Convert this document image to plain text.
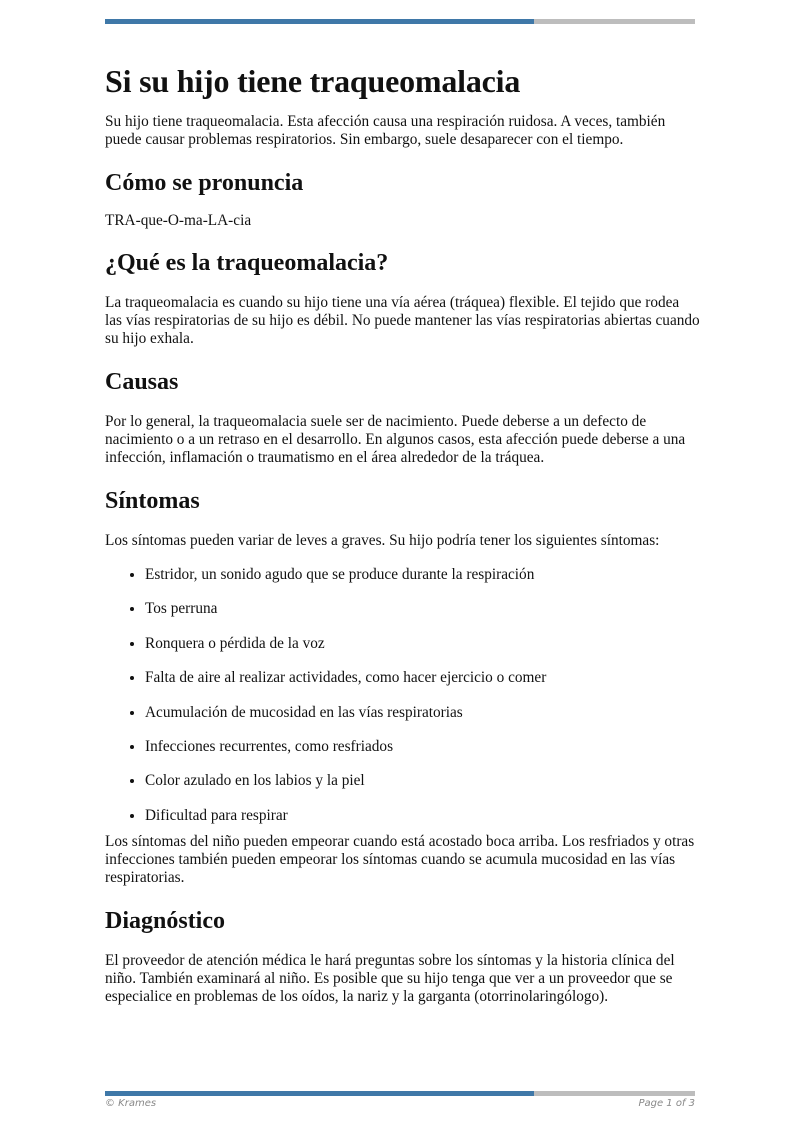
Si su hijo tiene traqueomalacia

Su hijo tiene traqueomalacia. Esta afección causa una respiración ruidosa. A veces, también puede causar problemas respiratorios. Sin embargo, suele desaparecer con el tiempo.

Cómo se pronuncia

TRA-que-O-ma-LA-cia

¿Qué es la traqueomalacia?

La traqueomalacia es cuando su hijo tiene una vía aérea (tráquea) flexible. El tejido que rodea las vías respiratorias de su hijo es débil. No puede mantener las vías respiratorias abiertas cuando su hijo exhala.

Causas

Por lo general, la traqueomalacia suele ser de nacimiento. Puede deberse a un defecto de nacimiento o a un retraso en el desarrollo. En algunos casos, esta afección puede deberse a una infección, inflamación o traumatismo en el área alrededor de la tráquea.

Síntomas

Los síntomas pueden variar de leves a graves. Su hijo podría tener los siguientes síntomas:

• Estridor, un sonido agudo que se produce durante la respiración
• Tos perruna
• Ronquera o pérdida de la voz
• Falta de aire al realizar actividades, como hacer ejercicio o comer
• Acumulación de mucosidad en las vías respiratorias
• Infecciones recurrentes, como resfriados
• Color azulado en los labios y la piel
• Dificultad para respirar

Los síntomas del niño pueden empeorar cuando está acostado boca arriba. Los resfriados y otras infecciones también pueden empeorar los síntomas cuando se acumula mucosidad en las vías respiratorias.

Diagnóstico

El proveedor de atención médica le hará preguntas sobre los síntomas y la historia clínica del niño. También examinará al niño. Es posible que su hijo tenga que ver a un proveedor que se especialice en problemas de los oídos, la nariz y la garganta (otorrinolaringólogo).

© Krames	Page 1 of 3
